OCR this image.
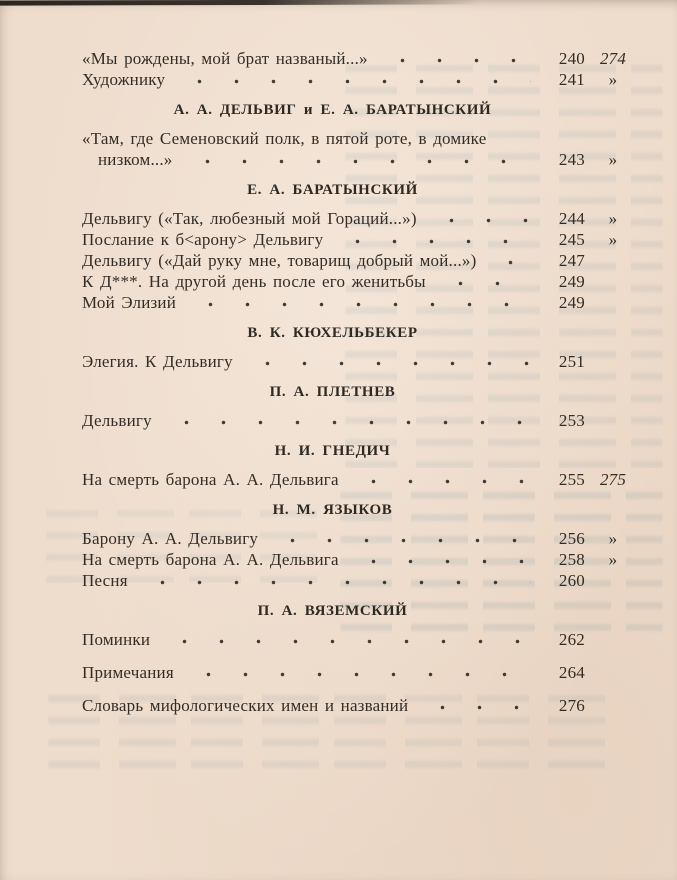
«Мы рождены, мой брат названый...»	240 274
Художнику	241	»
А. А. ДЕЛЬВИГ и Е. А. БАРАТЫНСКИЙ
«Там, где Семеновский полк, в пятой роте, в домике
низком...»	243	»
Е. А. БАРАТЫНСКИЙ
Дельвигу («Так, любезный мой Гораций...»)	244	»
Послание к б<арону> Дельвигу	245	»
Дельвигу («Дай руку мне, товарищ добрый мой...»)	247
К Д***. На другой день после его женитьбы	249
Мой Элизий	249
В. К. КЮХЕЛЬБЕКЕР
Элегия. К Дельвигу	251
П. А. ПЛЕТНЕВ
Дельвигу	253
Н. И. ГНЕДИЧ
На смерть барона А. А. Дельвига	255 275
Н. М. ЯЗЫКОВ
Барону А. А. Дельвигу	256	»
На смерть барона А. А. Дельвига	258	»
Песня	260
П. А. ВЯЗЕМСКИЙ
Поминки	262
Примечания	264
Словарь мифологических имен и названий	276
